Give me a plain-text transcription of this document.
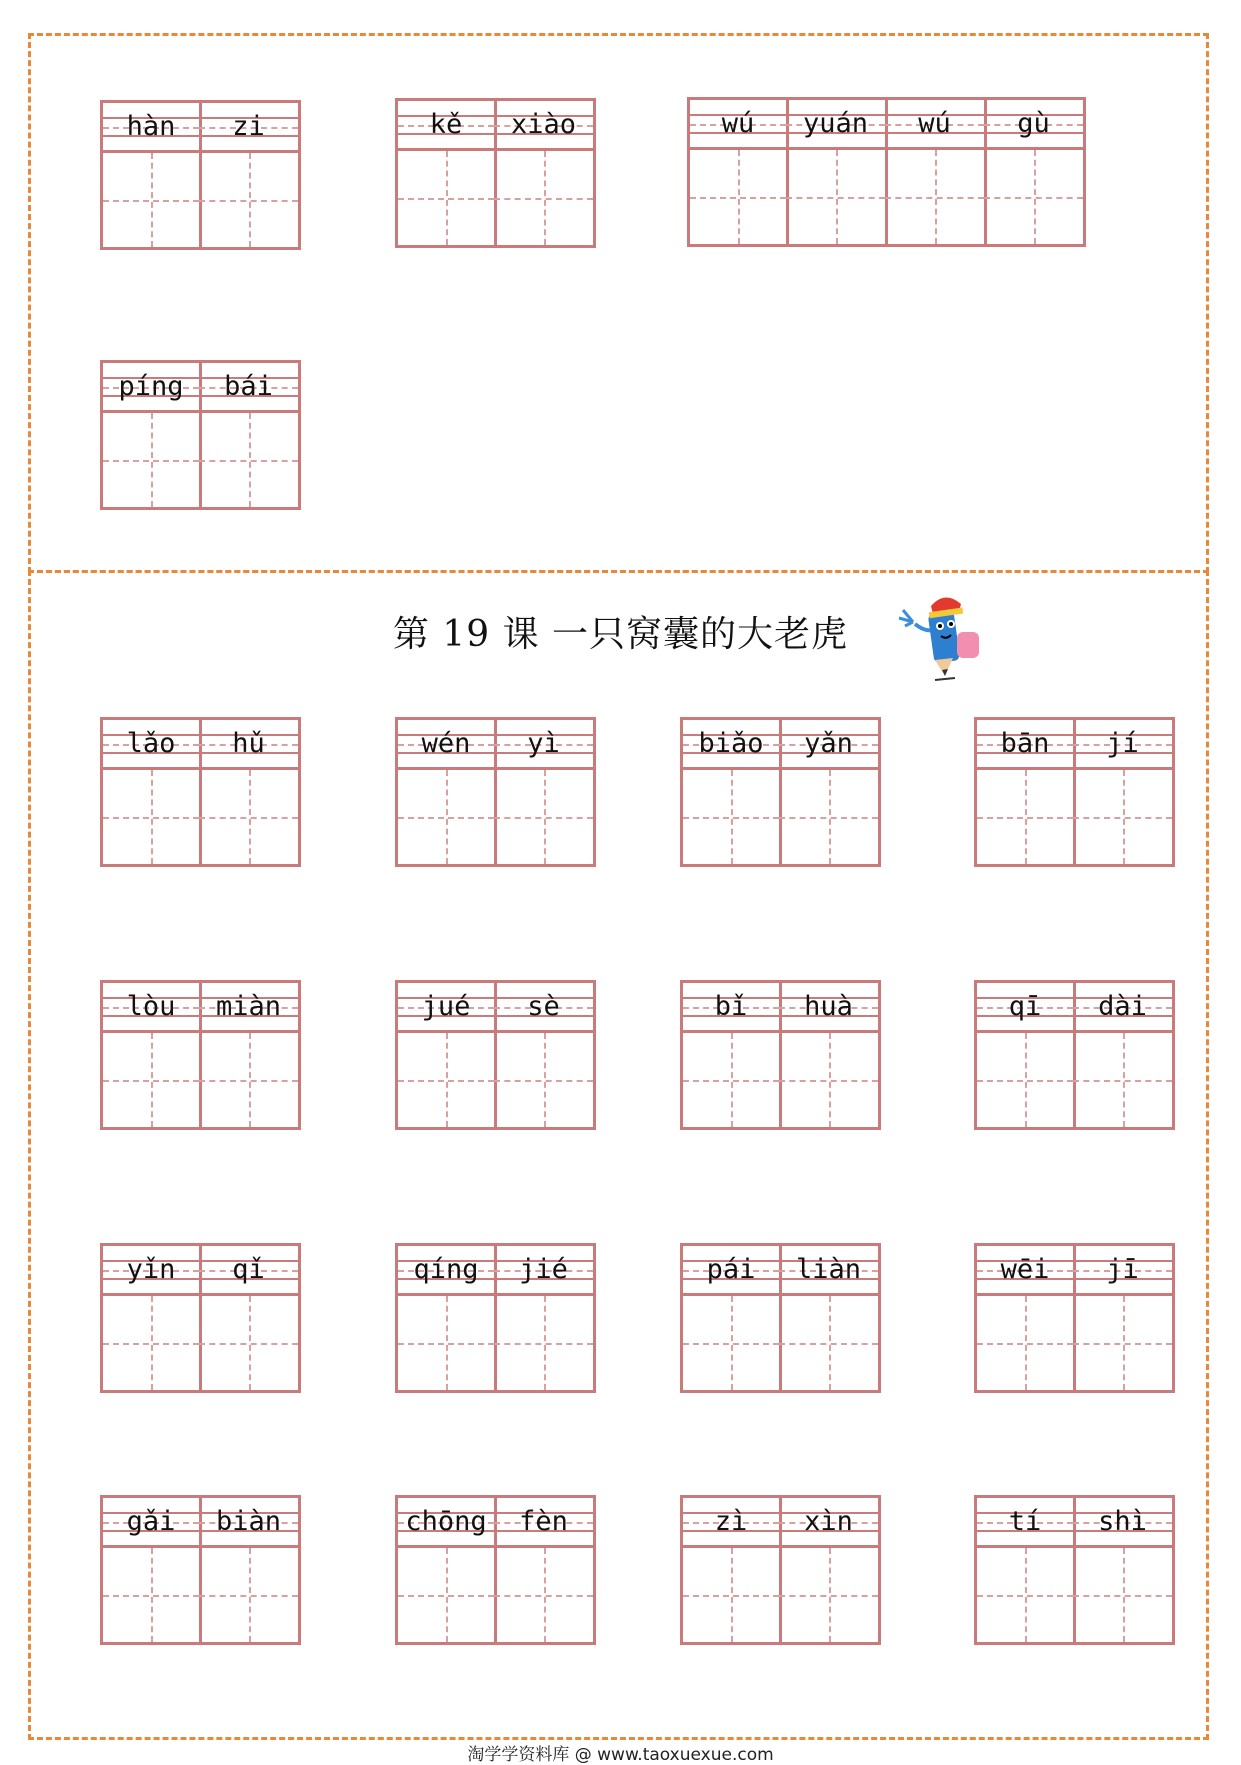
hàn	zi	kě	xiào	wú	yuán	wú	gù
píng	bái
第 19 课 一只窝囊的大老虎
lǎo	hǔ	wén	yì	biǎo	yǎn	bān	jí
lòu	miàn	jué	sè	bǐ	huà	qī	dài
yǐn	qǐ	qíng	jié	pái	liàn	wēi	jī
gǎi	biàn	chōng	fèn	zì	xìn	tí	shì
淘学学资料库 @ www.taoxuexue.com
